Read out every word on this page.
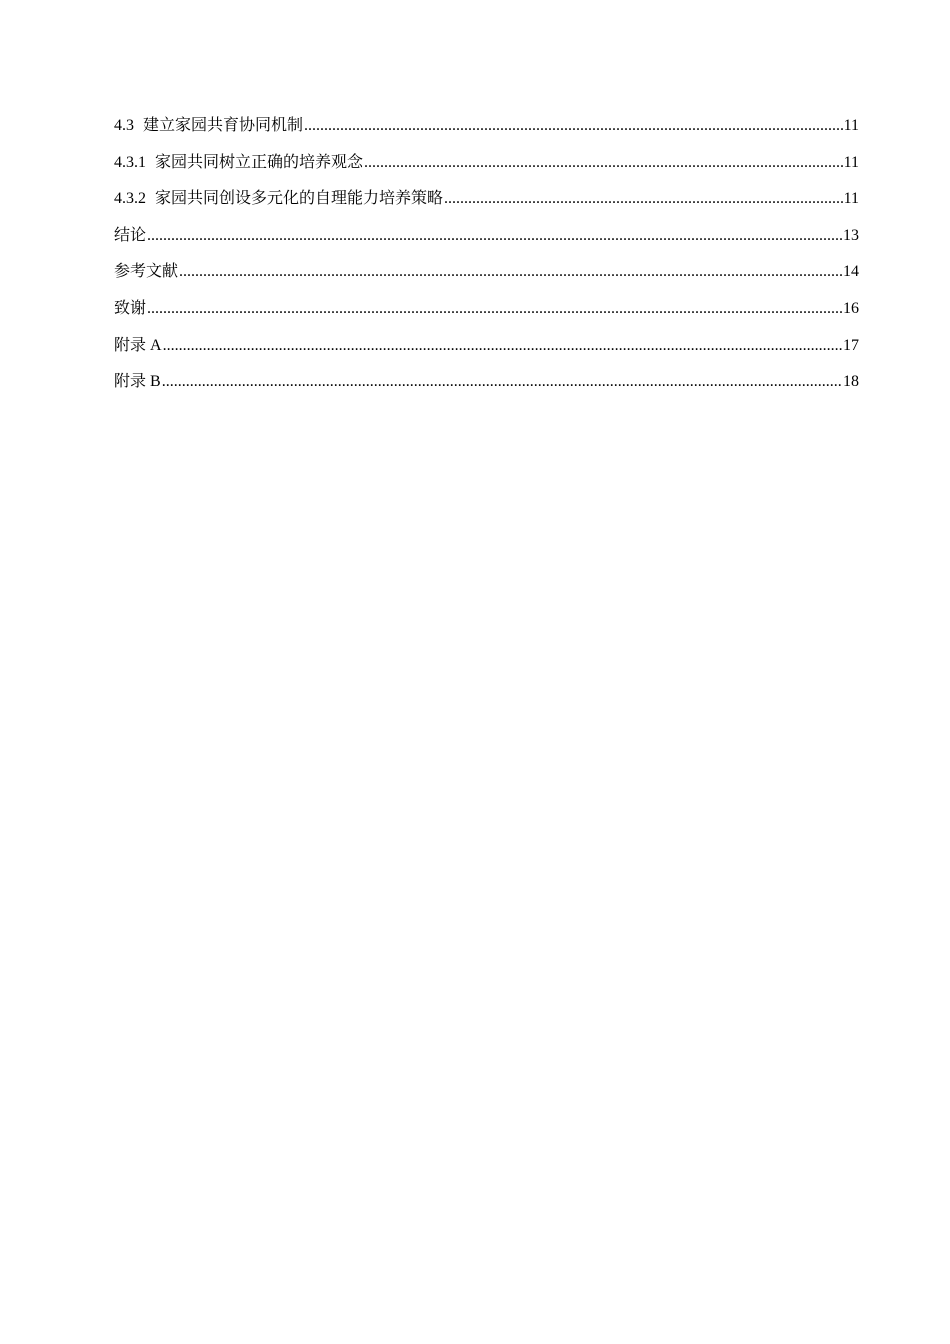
4.3 建立家园共育协同机制 .....	11
4.3.1 家园共同树立正确的培养观念 .....	11
4.3.2 家园共同创设多元化的自理能力培养策略 .....	11
结论 .....	13
参考文献 .....	14
致谢 .....	16
附录 A .....	17
附录 B .....	18
